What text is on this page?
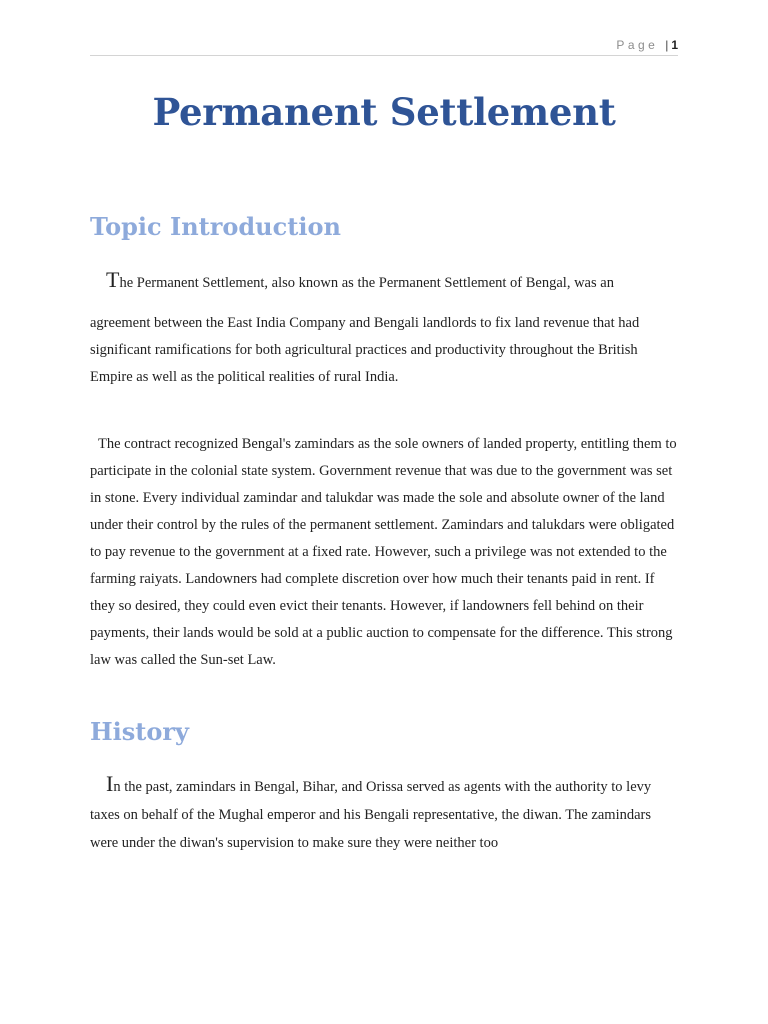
Page | 1
Permanent Settlement
Topic Introduction

The Permanent Settlement, also known as the Permanent Settlement of Bengal, was an

agreement between the East India Company and Bengali landlords to fix land revenue that had significant ramifications for both agricultural practices and productivity throughout the British Empire as well as the political realities of rural India.

The contract recognized Bengal's zamindars as the sole owners of landed property, entitling them to participate in the colonial state system. Government revenue that was due to the government was set in stone. Every individual zamindar and talukdar was made the sole and absolute owner of the land under their control by the rules of the permanent settlement. Zamindars and talukdars were obligated to pay revenue to the government at a fixed rate. However, such a privilege was not extended to the farming raiyats. Landowners had complete discretion over how much their tenants paid in rent. If they so desired, they could even evict their tenants. However, if landowners fell behind on their payments, their lands would be sold at a public auction to compensate for the difference. This strong law was called the Sun-set Law.

History

In the past, zamindars in Bengal, Bihar, and Orissa served as agents with the authority to levy taxes on behalf of the Mughal emperor and his Bengali representative, the diwan. The zamindars were under the diwan's supervision to make sure they were neither too
